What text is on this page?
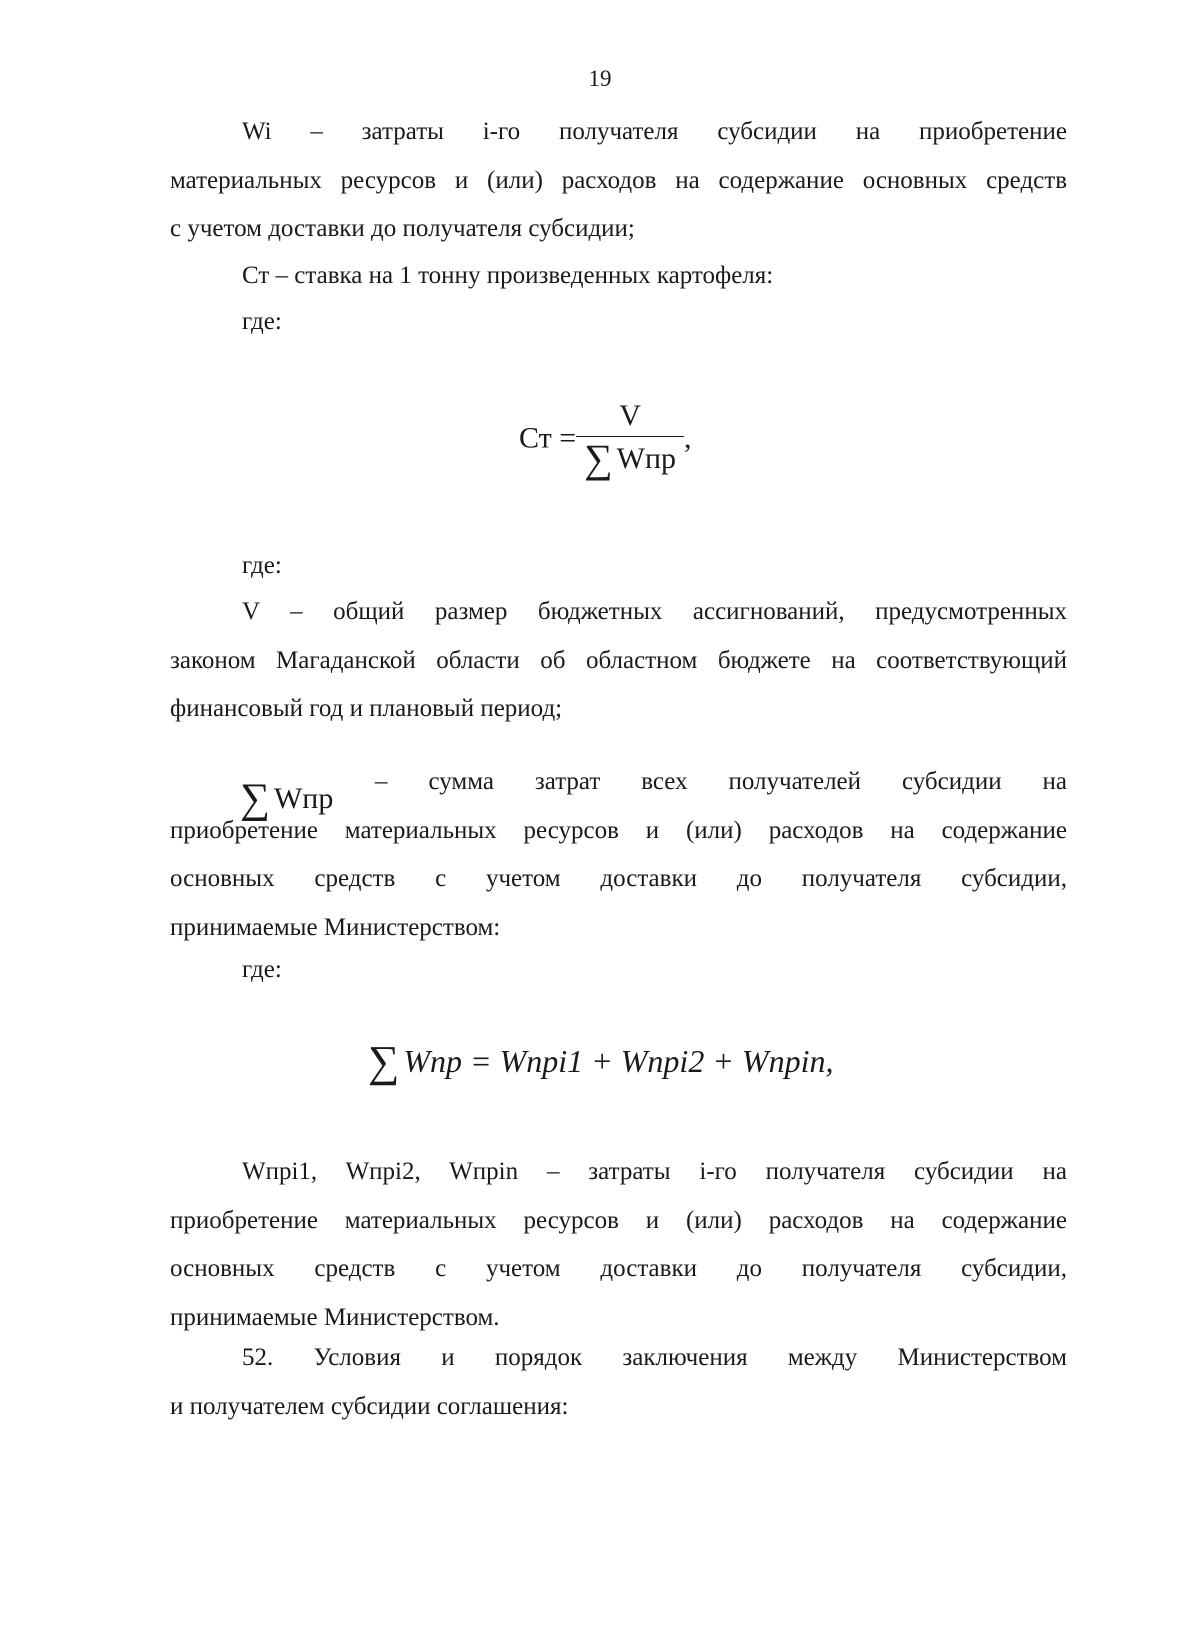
19
Wi – затраты i-го получателя субсидии на приобретение
материальных ресурсов и (или) расходов на содержание основных средств
с учетом доставки до получателя субсидии;
Ст – ставка на 1 тонну произведенных картофеля:
где:
Ст = $\frac{V}{\text{∑ Wпр}}$ ,
где:
V – общий размер бюджетных ассигнований, предусмотренных
законом Магаданской области об областном бюджете на соответствующий
финансовый год и плановый период;
∑ Wпр
– сумма затрат всех получателей субсидии на
приобретение материальных ресурсов и (или) расходов на содержание
основных средств с учетом доставки до получателя субсидии,
принимаемые Министерством:
где:
∑ Wпр = Wпрi1 + Wпрi2 + Wпрin,
Wпрi1, Wпрi2, Wпрin – затраты i-го получателя субсидии на
приобретение материальных ресурсов и (или) расходов на содержание
основных средств с учетом доставки до получателя субсидии,
принимаемые Министерством.
52. Условия и порядок заключения между Министерством
и получателем субсидии соглашения:
